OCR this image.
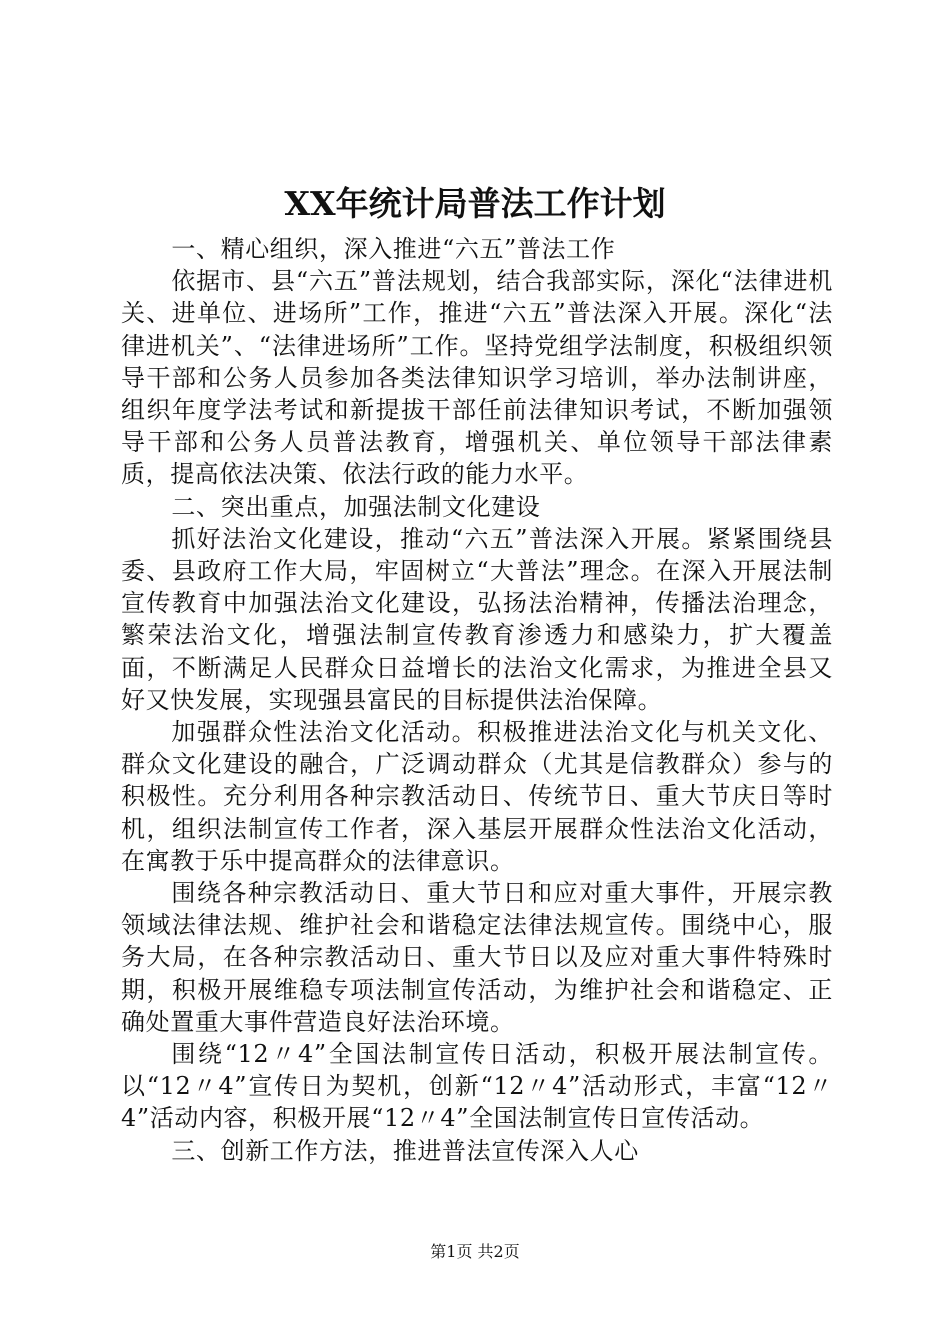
XX年统计局普法工作计划

一、精心组织，深入推进“六五”普法工作

依据市、县“六五”普法规划，结合我部实际，深化“法律进机关、进单位、进场所”工作，推进“六五”普法深入开展。深化“法律进机关”、“法律进场所”工作。坚持党组学法制度，积极组织领导干部和公务人员参加各类法律知识学习培训，举办法制讲座，组织年度学法考试和新提拔干部任前法律知识考试，不断加强领导干部和公务人员普法教育，增强机关、单位领导干部法律素质，提高依法决策、依法行政的能力水平。

二、突出重点，加强法制文化建设

抓好法治文化建设，推动“六五”普法深入开展。紧紧围绕县委、县政府工作大局，牢固树立“大普法”理念。在深入开展法制宣传教育中加强法治文化建设，弘扬法治精神，传播法治理念，繁荣法治文化，增强法制宣传教育渗透力和感染力，扩大覆盖面，不断满足人民群众日益增长的法治文化需求，为推进全县又好又快发展，实现强县富民的目标提供法治保障。

加强群众性法治文化活动。积极推进法治文化与机关文化、群众文化建设的融合，广泛调动群众（尤其是信教群众）参与的积极性。充分利用各种宗教活动日、传统节日、重大节庆日等时机，组织法制宣传工作者，深入基层开展群众性法治文化活动，在寓教于乐中提高群众的法律意识。

围绕各种宗教活动日、重大节日和应对重大事件，开展宗教领域法律法规、维护社会和谐稳定法律法规宣传。围绕中心，服务大局，在各种宗教活动日、重大节日以及应对重大事件特殊时期，积极开展维稳专项法制宣传活动，为维护社会和谐稳定、正确处置重大事件营造良好法治环境。

围绕“12〃4”全国法制宣传日活动，积极开展法制宣传。以“12〃4”宣传日为契机，创新“12〃4”活动形式，丰富“12〃4”活动内容，积极开展“12〃4”全国法制宣传日宣传活动。

三、创新工作方法，推进普法宣传深入人心

第1页 共2页
